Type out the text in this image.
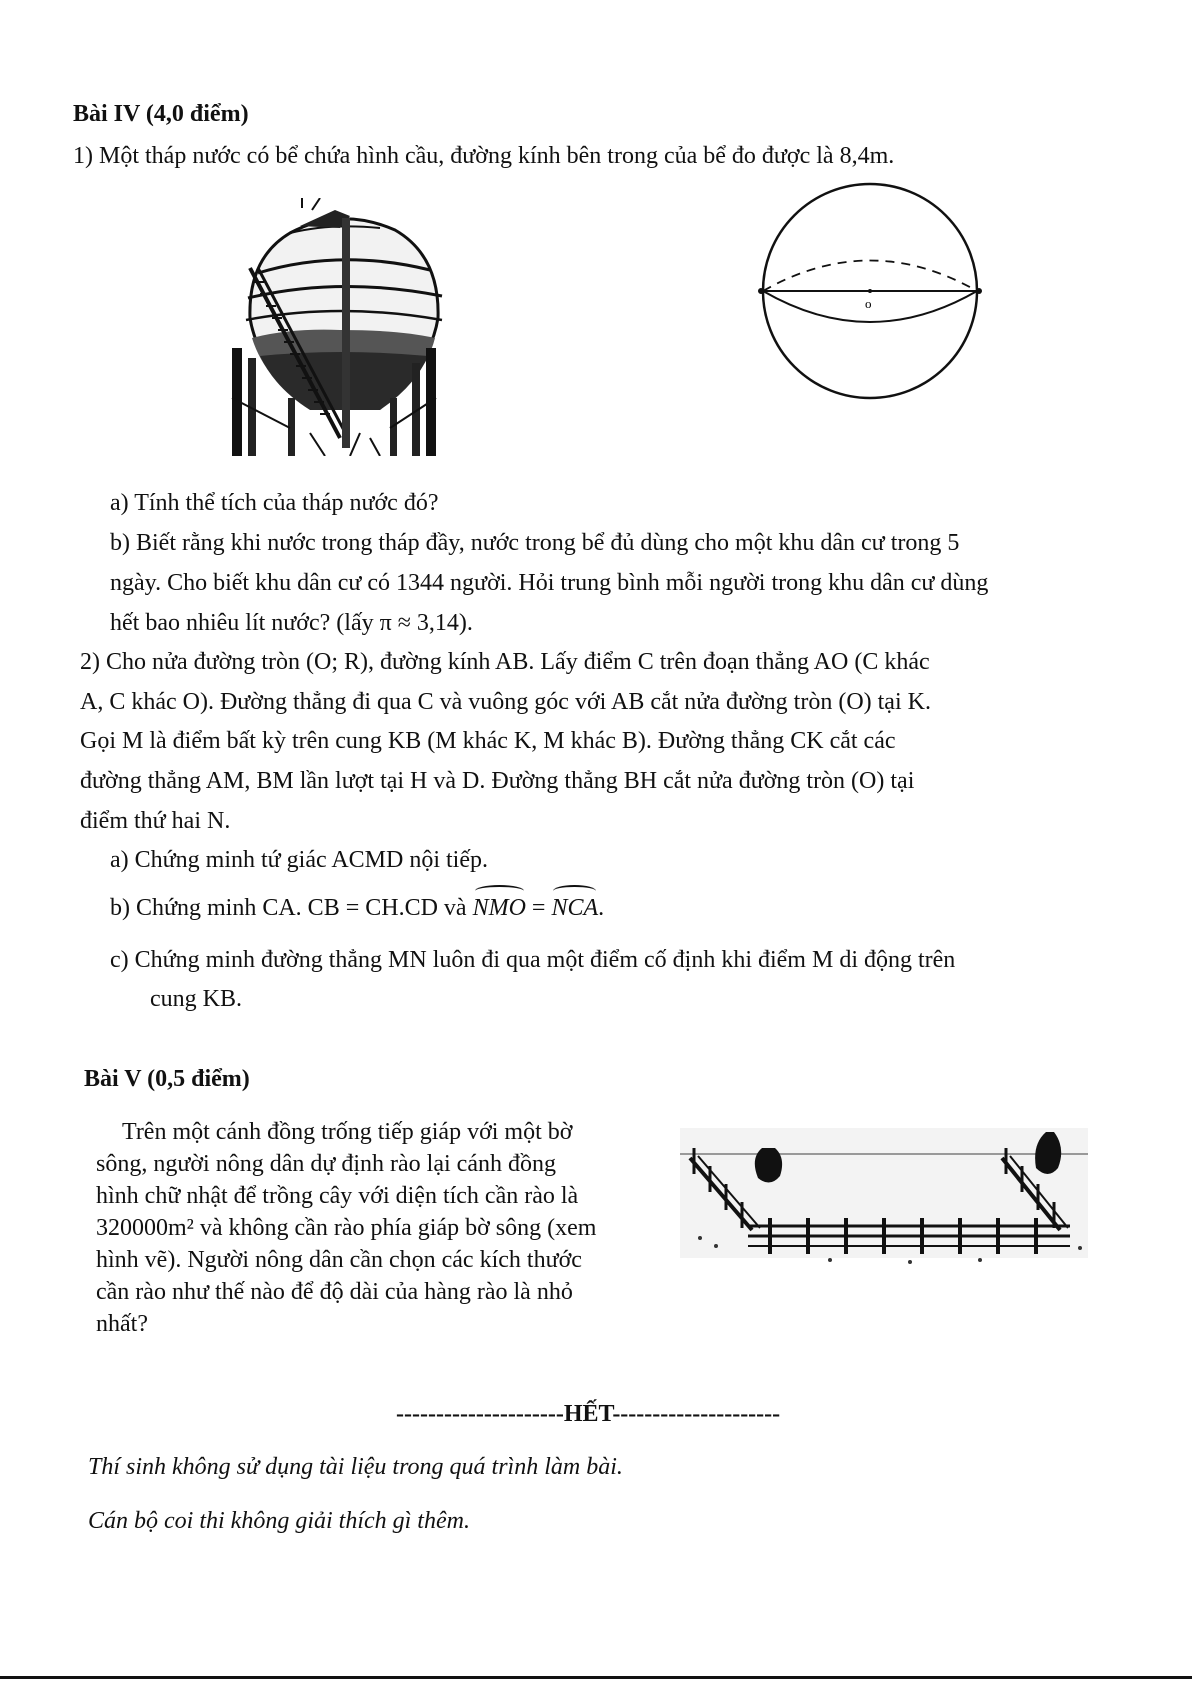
Bài IV (4,0 điểm)
1) Một tháp nước có bể chứa hình cầu, đường kính bên trong của bể đo được là 8,4m.
o
a) Tính thể tích của tháp nước đó?
b) Biết rằng khi nước trong tháp đầy, nước trong bể đủ dùng cho một khu dân cư trong 5
ngày. Cho biết khu dân cư có 1344 người. Hỏi trung bình mỗi người trong khu dân cư dùng
hết bao nhiêu lít nước? (lấy π ≈ 3,14).
2) Cho nửa đường tròn (O; R), đường kính AB. Lấy điểm C trên đoạn thẳng AO (C khác
A, C khác O). Đường thẳng đi qua C và vuông góc với AB cắt nửa đường tròn (O) tại K.
Gọi M là điểm bất kỳ trên cung KB (M khác K, M khác B). Đường thẳng CK cắt các
đường thẳng AM, BM lần lượt tại H và D. Đường thẳng BH cắt nửa đường tròn (O) tại
điểm thứ hai N.
a) Chứng minh tứ giác ACMD nội tiếp.
b) Chứng minh CA. CB = CH.CD và NMO = NCA.
c) Chứng minh đường thẳng MN luôn đi qua một điểm cố định khi điểm M di động trên
cung KB.
Bài V (0,5 điểm)
Trên một cánh đồng trống tiếp giáp với một bờ
sông, người nông dân dự định rào lại cánh đồng
hình chữ nhật để trồng cây với diện tích cần rào là
320000m² và không cần rào phía giáp bờ sông (xem
hình vẽ). Người nông dân cần chọn các kích thước
cần rào như thế nào để độ dài của hàng rào là nhỏ
nhất?
---------------------HẾT---------------------
Thí sinh không sử dụng tài liệu trong quá trình làm bài.
Cán bộ coi thi không giải thích gì thêm.
